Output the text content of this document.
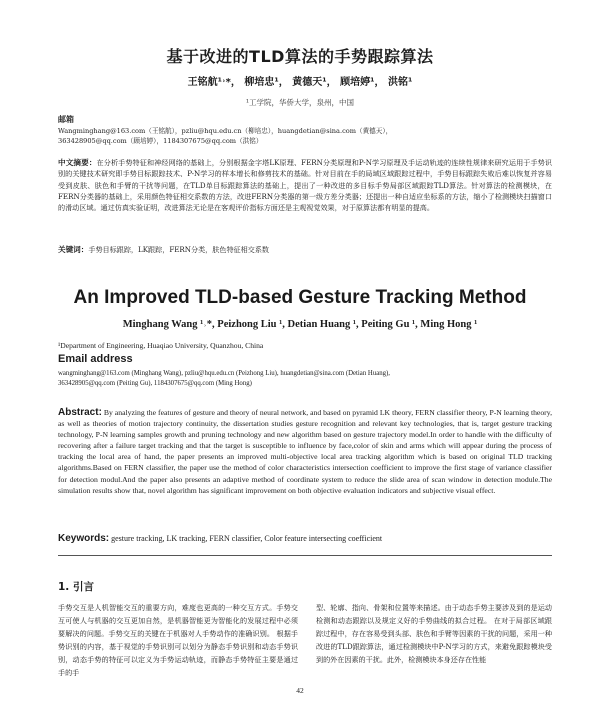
基于改进的TLD算法的手势跟踪算法
王铭航¹˒*， 柳培忠¹， 黄德天¹， 顾培婷¹， 洪铭¹
¹工学院，华侨大学，泉州，中国
邮箱
Wangminghang@163.com（王铭航），pzliu@hqu.edu.cn（柳培忠），huangdetian@sina.com（黄德天），
363428905@qq.com（顾培婷），1184307675@qq.com（洪铭）
中文摘要：在分析手势特征和神经网络的基础上，分别根据金字塔LK原理、FERN分类原理和P-N学习原理及手运动轨迹的连续性规律来研究运用于手势识别的关键技术研究即手势目标跟踪技术、P-N学习的样本增长和修剪技术的基础。针对目前在手的局域区域跟踪过程中，手势目标跟踪失败后难以恢复并容易受到皮肤、肤色和手臂的干扰等问题，在TLD单目标跟踪算法的基础上，提出了一种改进的多目标手势局部区域跟踪TLD算法。针对算法的检测模块，在FERN分类器的基础上，采用颜色特征相交系数的方法，改进FERN分类器的第一级方差分类器；还提出一种自适应坐标系的方法，缩小了检测模块扫描窗口的滑动区域。通过仿真实验证明，改进算法无论是在客观评价指标方面还是主观视觉效果，对于原算法都有明显的提高。
关键词：手势目标跟踪，LK跟踪，FERN分类，肤色特征相交系数
An Improved TLD-based Gesture Tracking Method
Minghang Wang ¹˒*, Peizhong Liu ¹, Detian Huang ¹, Peiting Gu ¹, Ming Hong ¹
¹Department of Engineering, Huaqiao University, Quanzhou, China
Email address
wangminghang@163.com (Minghang Wang), pzliu@hqu.edu.cn (Peizhong Liu), huangdetian@sina.com (Detian Huang),
363428905@qq.com (Peiting Gu), 1184307675@qq.com (Ming Hong)
Abstract: By analyzing the features of gesture and theory of neural network, and based on pyramid LK theory, FERN classifier theory, P-N learning theory, as well as theories of motion trajectory continuity, the dissertation studies gesture recognition and relevant key technologies, that is, target gesture tracking technology, P-N learning samples growth and pruning technology and new algorithm based on gesture trajectory model.In order to handle with the difficulty of recovering after a failure target tracking and that the target is susceptible to influence by face,color of skin and arms which will appear during the process of tracking the local area of hand, the paper presents an improved multi-objective local area tracking algorithm which is based on original TLD tracking algorithms.Based on FERN classifier, the paper use the method of color characteristics intersection coefficient to improve the first stage of variance classifier for detection modul.And the paper also presents an adaptive method of coordinate system to reduce the slide area of scan window in detection module.The simulation results show that, novel algorithm has significant improvement on both objective evaluation indicators and subjective visual effect.
Keywords: gesture tracking, LK tracking, FERN classifier, Color feature intersecting coefficient
1. 引言
手势交互是人机智能交互的重要方向，难度也更高的一种交互方式。手势交互可使人与机器的交互更加自然，是机器智能更为智能化的发展过程中必须要解决的问题。手势交互的关键在于机器对人手势动作的准确识别。 根据手势识别的内容，基于视觉的手势识别可以划分为静态手势识别和动态手势识别，动态手势的特征可以定义为手势运动轨迹，而静态手势特征主要是通过手的手
型、轮廓、指向、骨架和位置等来描述。由于动态手势主要涉及到的是运动检测和动态跟踪以及规定义好的手势曲线的拟合过程。 在对于局部区域跟踪过程中，存在容易受到头部、肤色和手臂等因素的干扰的问题，采用一种改进的TLD跟踪算法，通过检测模块中P-N学习的方式，来避免跟踪模块受到的外在因素的干扰。此外，检测模块本身还存在性能
42
